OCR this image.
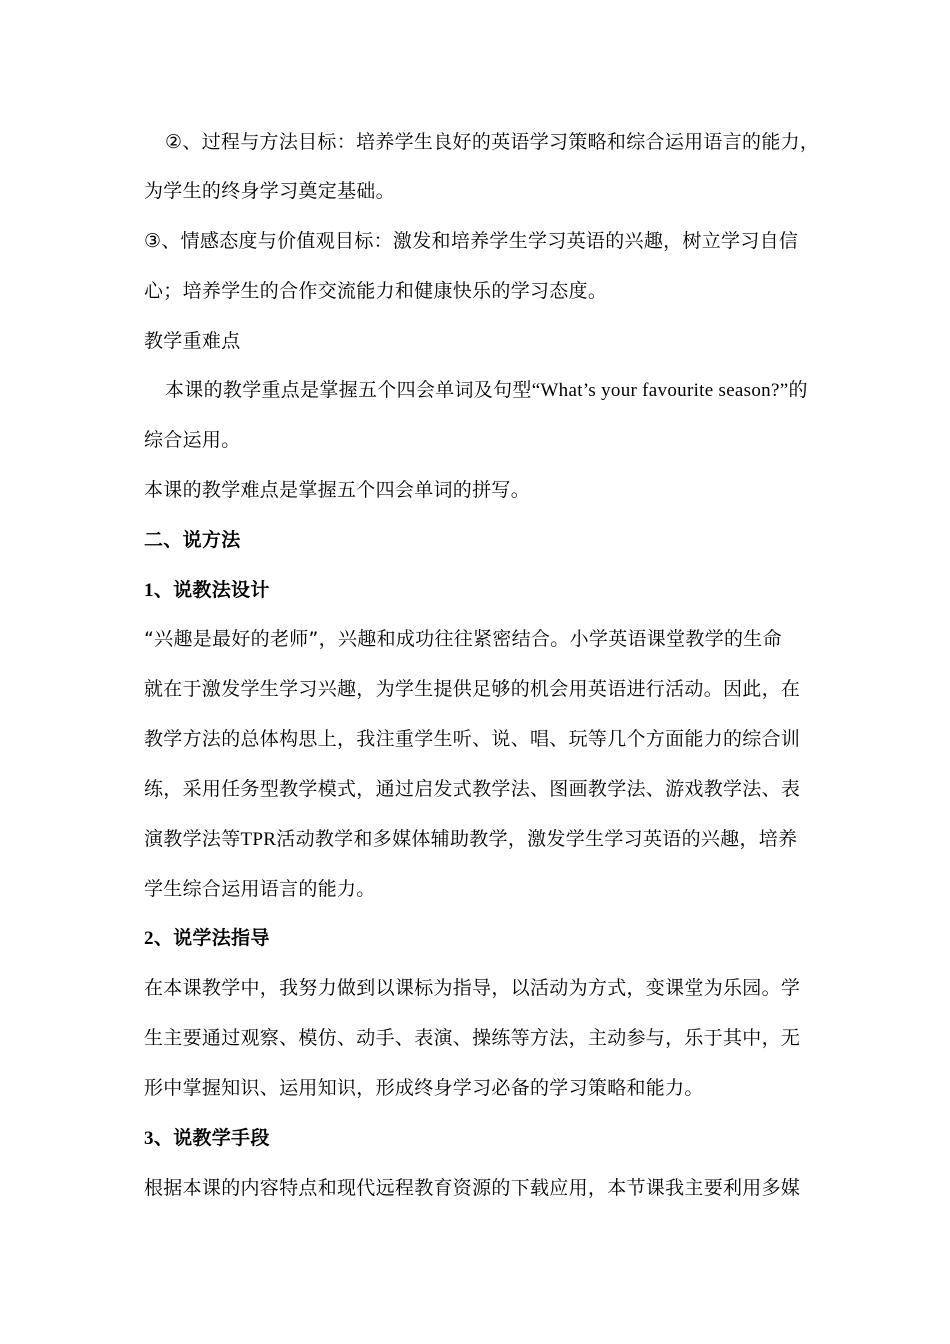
②、过程与方法目标：培养学生良好的英语学习策略和综合运用语言的能力，
为学生的终身学习奠定基础。
③、情感态度与价值观目标：激发和培养学生学习英语的兴趣，树立学习自信
心；培养学生的合作交流能力和健康快乐的学习态度。
教学重难点
本课的教学重点是掌握五个四会单词及句型“What’s your favourite season?”的
综合运用。
本课的教学难点是掌握五个四会单词的拼写。
二、说方法
1、说教法设计
“兴趣是最好的老师”，兴趣和成功往往紧密结合。小学英语课堂教学的生命
就在于激发学生学习兴趣，为学生提供足够的机会用英语进行活动。因此，在
教学方法的总体构思上，我注重学生听、说、唱、玩等几个方面能力的综合训
练，采用任务型教学模式，通过启发式教学法、图画教学法、游戏教学法、表
演教学法等TPR活动教学和多媒体辅助教学，激发学生学习英语的兴趣，培养
学生综合运用语言的能力。
2、说学法指导
在本课教学中，我努力做到以课标为指导，以活动为方式，变课堂为乐园。学
生主要通过观察、模仿、动手、表演、操练等方法，主动参与，乐于其中，无
形中掌握知识、运用知识，形成终身学习必备的学习策略和能力。
3、说教学手段
根据本课的内容特点和现代远程教育资源的下载应用，本节课我主要利用多媒
